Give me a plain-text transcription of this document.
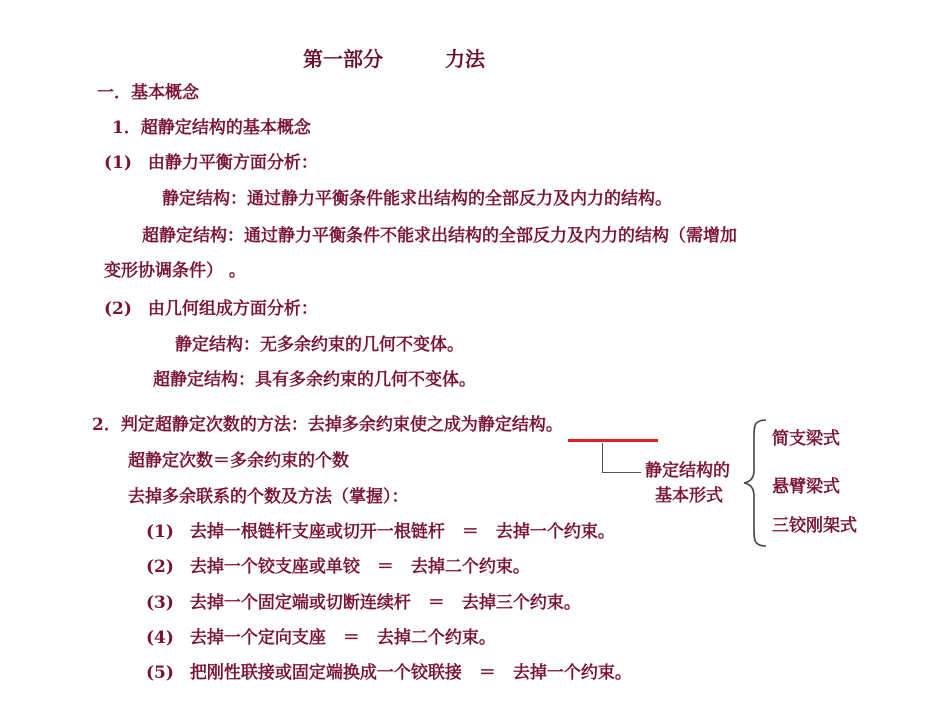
第一部分	力法
一．基本概念
1．超静定结构的基本概念
(1) 由静力平衡方面分析：
静定结构：通过静力平衡条件能求出结构的全部反力及内力的结构。
超静定结构：通过静力平衡条件不能求出结构的全部反力及内力的结构（需增加
变形协调条件） 。
(2) 由几何组成方面分析：
静定结构：无多余约束的几何不变体。
超静定结构：具有多余约束的几何不变体。
2．判定超静定次数的方法：去掉多余约束使之成为静定结构。
超静定次数＝多余约束的个数
去掉多余联系的个数及方法（掌握）：
(1) 去掉一根链杆支座或切开一根链杆　＝　去掉一个约束。
(2) 去掉一个铰支座或单铰　＝　去掉二个约束。
(3) 去掉一个固定端或切断连续杆　＝　去掉三个约束。
(4) 去掉一个定向支座　＝　去掉二个约束。
(5) 把刚性联接或固定端换成一个铰联接　＝　去掉一个约束。
静定结构的
基本形式
简支梁式
悬臂梁式
三铰刚架式
